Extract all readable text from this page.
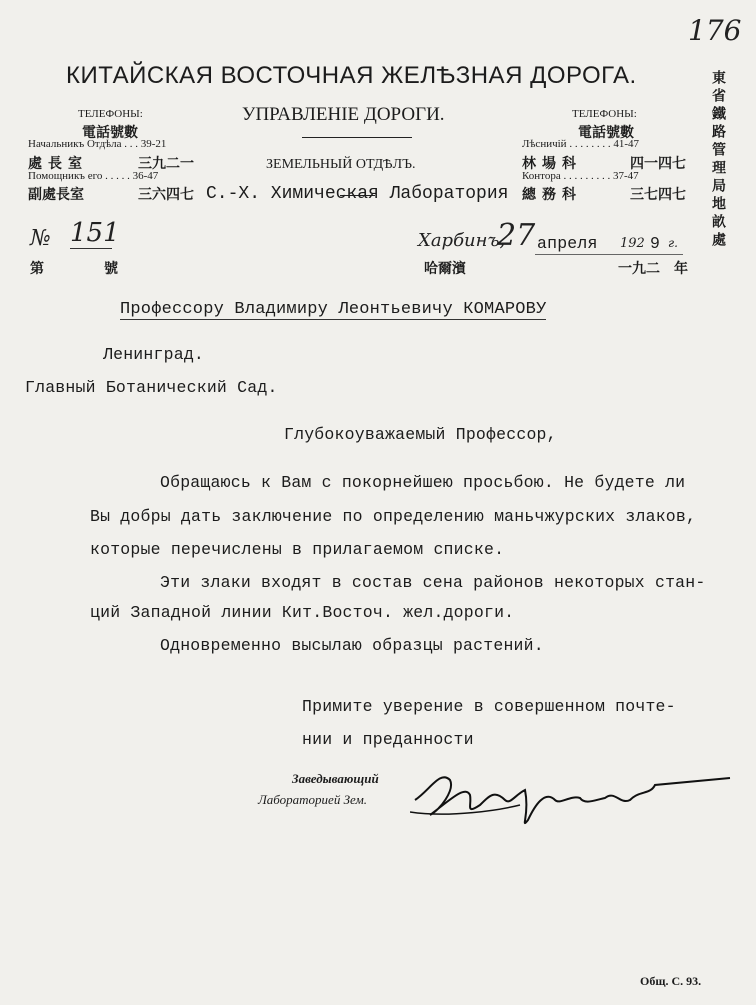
176
КИТАЙСКАЯ ВОСТОЧНАЯ ЖЕЛѢЗНАЯ ДОРОГА.
УПРАВЛЕНІЕ ДОРОГИ.
ЗЕМЕЛЬНЫЙ ОТДѢЛЪ.
С.-Х. Химическая Лаборатория
ТЕЛЕФОНЫ:
電話號數
Начальникъ Отдѣла . . . 39-21
處長室	三九二一
Помощникъ его . . . . . 36-47
副處長室	三六四七
ТЕЛЕФОНЫ:
電話號數
Лѣсничій . . . . . . . . 41-47
林場科	四一四七
Контора . . . . . . . . . 37-47
總務科	三七四七 東省鐵路管理局地畝處
№ 151
第	號
Харбинъ,
27 апреля 192 9 г.
哈爾濱	一九二　年
Профессору Владимиру Леонтьевичу КОМАРОВУ
Ленинград.
Главный Ботанический Сад.
Глубокоуважаемый Профессор,
Обращаюсь к Вам с покорнейшею просьбою. Не будете ли
Вы добры дать заключение по определению маньчжурских злаков,
которые перечислены в прилагаемом списке.
Эти злаки входят в состав сена районов некоторых стан-
ций Западной линии Кит.Восточ. жел.дороги.
Одновременно высылаю образцы растений.
Примите уверение в совершенном почте-
нии и преданности
Заведывающий
Лабораторией Зем.
Общ. С. 93.
